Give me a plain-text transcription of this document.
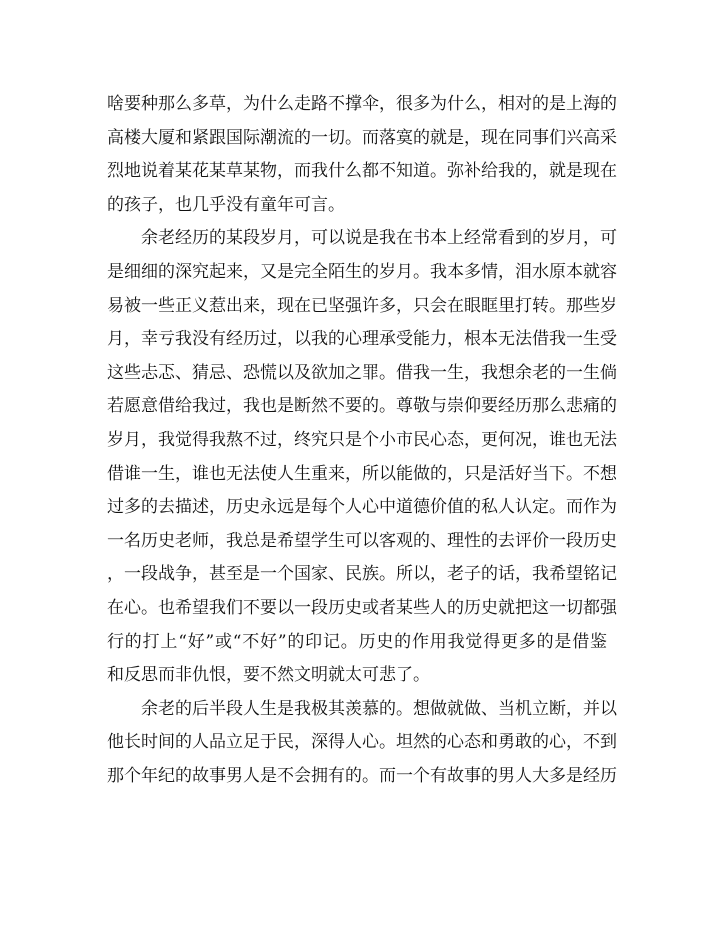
啥要种那么多草，为什么走路不撑伞，很多为什么，相对的是上海的
高楼大厦和紧跟国际潮流的一切。而落寞的就是，现在同事们兴高采
烈地说着某花某草某物，而我什么都不知道。弥补给我的，就是现在
的孩子，也几乎没有童年可言。
余老经历的某段岁月，可以说是我在书本上经常看到的岁月，可
是细细的深究起来，又是完全陌生的岁月。我本多情，泪水原本就容
易被一些正义惹出来，现在已坚强许多，只会在眼眶里打转。那些岁
月，幸亏我没有经历过，以我的心理承受能力，根本无法借我一生受
这些忐忑、猜忌、恐慌以及欲加之罪。借我一生，我想余老的一生倘
若愿意借给我过，我也是断然不要的。尊敬与崇仰要经历那么悲痛的
岁月，我觉得我熬不过，终究只是个小市民心态，更何况，谁也无法
借谁一生，谁也无法使人生重来，所以能做的，只是活好当下。不想
过多的去描述，历史永远是每个人心中道德价值的私人认定。而作为
一名历史老师，我总是希望学生可以客观的、理性的去评价一段历史
，一段战争，甚至是一个国家、民族。所以，老子的话，我希望铭记
在心。也希望我们不要以一段历史或者某些人的历史就把这一切都强
行的打上“好”或“不好”的印记。历史的作用我觉得更多的是借鉴
和反思而非仇恨，要不然文明就太可悲了。
余老的后半段人生是我极其羡慕的。想做就做、当机立断，并以
他长时间的人品立足于民，深得人心。坦然的心态和勇敢的心，不到
那个年纪的故事男人是不会拥有的。而一个有故事的男人大多是经历
